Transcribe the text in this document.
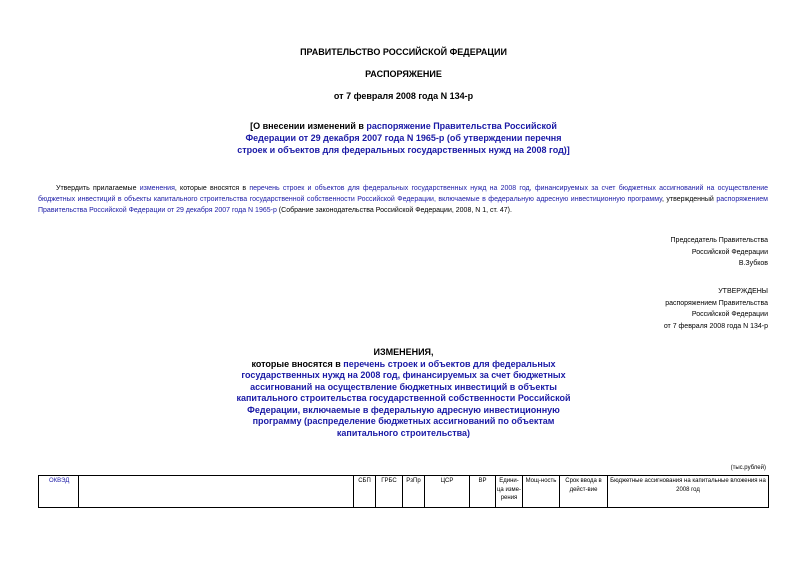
ПРАВИТЕЛЬСТВО РОССИЙСКОЙ ФЕДЕРАЦИИ
РАСПОРЯЖЕНИЕ
от 7 февраля 2008 года N 134-р
[О внесении изменений в распоряжение Правительства Российской Федерации от 29 декабря 2007 года N 1965-р (об утверждении перечня строек и объектов для федеральных государственных нужд на 2008 год)]
Утвердить прилагаемые изменения, которые вносятся в перечень строек и объектов для федеральных государственных нужд на 2008 год, финансируемых за счет бюджетных ассигнований на осуществление бюджетных инвестиций в объекты капитального строительства государственной собственности Российской Федерации, включаемые в федеральную адресную инвестиционную программу, утвержденный распоряжением Правительства Российской Федерации от 29 декабря 2007 года N 1965-р (Собрание законодательства Российской Федерации, 2008, N 1, ст. 47).
Председатель Правительства
Российской Федерации
В.Зубков
УТВЕРЖДЕНЫ
распоряжением Правительства
Российской Федерации
от 7 февраля 2008 года N 134-р
ИЗМЕНЕНИЯ,
которые вносятся в перечень строек и объектов для федеральных государственных нужд на 2008 год, финансируемых за счет бюджетных ассигнований на осуществление бюджетных инвестиций в объекты капитального строительства государственной собственности Российской Федерации, включаемые в федеральную адресную инвестиционную программу (распределение бюджетных ассигнований по объектам капитального строительства)
(тыс.рублей)
ОКВЭД		СБП	ГРБС	РзПр	ЦСР	ВР	Едини-ца изме-рения	Мощ-ность	Срок ввода в дейст-вие	Бюджетные ассигнования на капитальные вложения на 2008 год
